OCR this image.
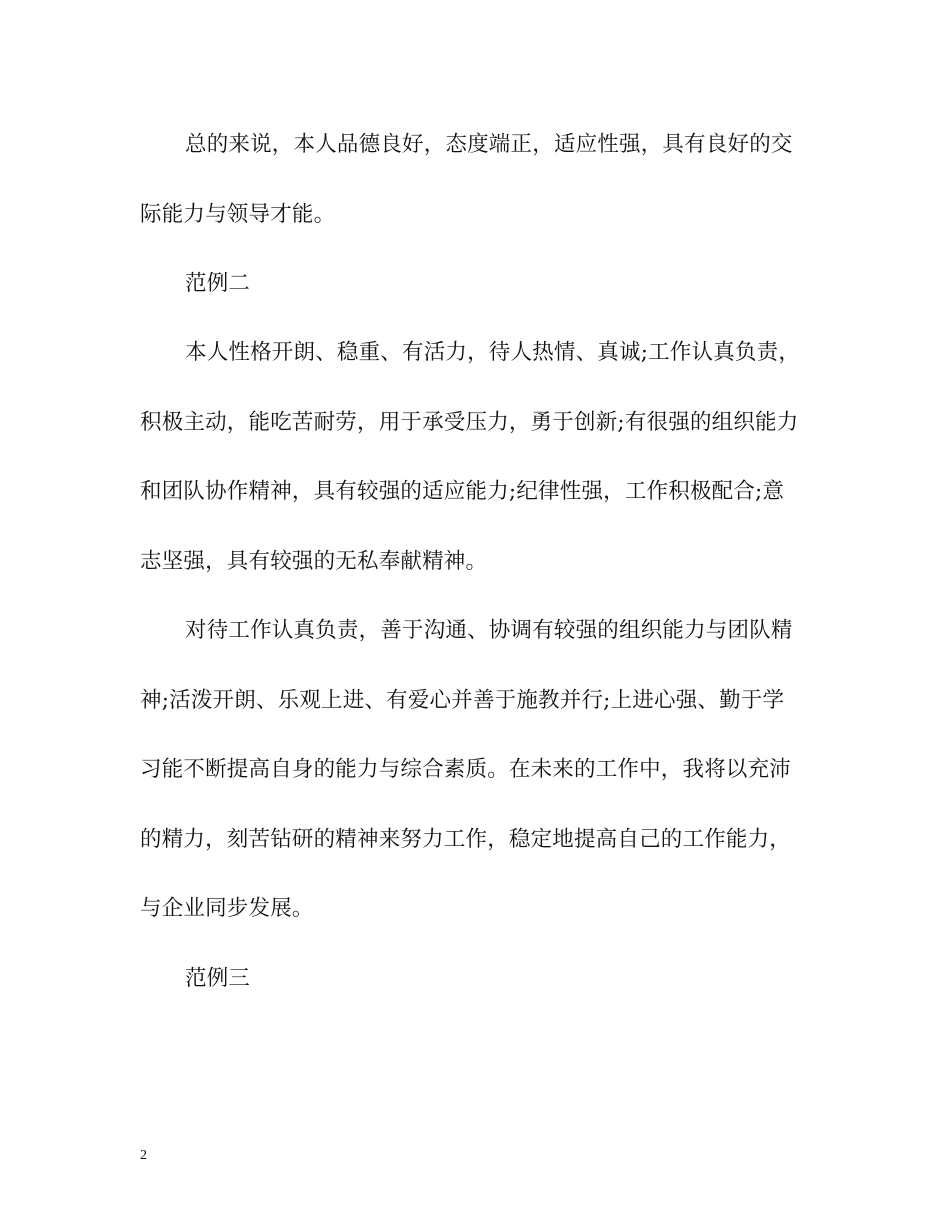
总的来说，本人品德良好，态度端正，适应性强，具有良好的交
际能力与领导才能。

范例二

本人性格开朗、稳重、有活力，待人热情、真诚;工作认真负责，
积极主动，能吃苦耐劳，用于承受压力，勇于创新;有很强的组织能力
和团队协作精神，具有较强的适应能力;纪律性强，工作积极配合;意
志坚强，具有较强的无私奉献精神。

对待工作认真负责，善于沟通、协调有较强的组织能力与团队精
神;活泼开朗、乐观上进、有爱心并善于施教并行;上进心强、勤于学
习能不断提高自身的能力与综合素质。在未来的工作中，我将以充沛
的精力，刻苦钻研的精神来努力工作，稳定地提高自己的工作能力，
与企业同步发展。

范例三

2
